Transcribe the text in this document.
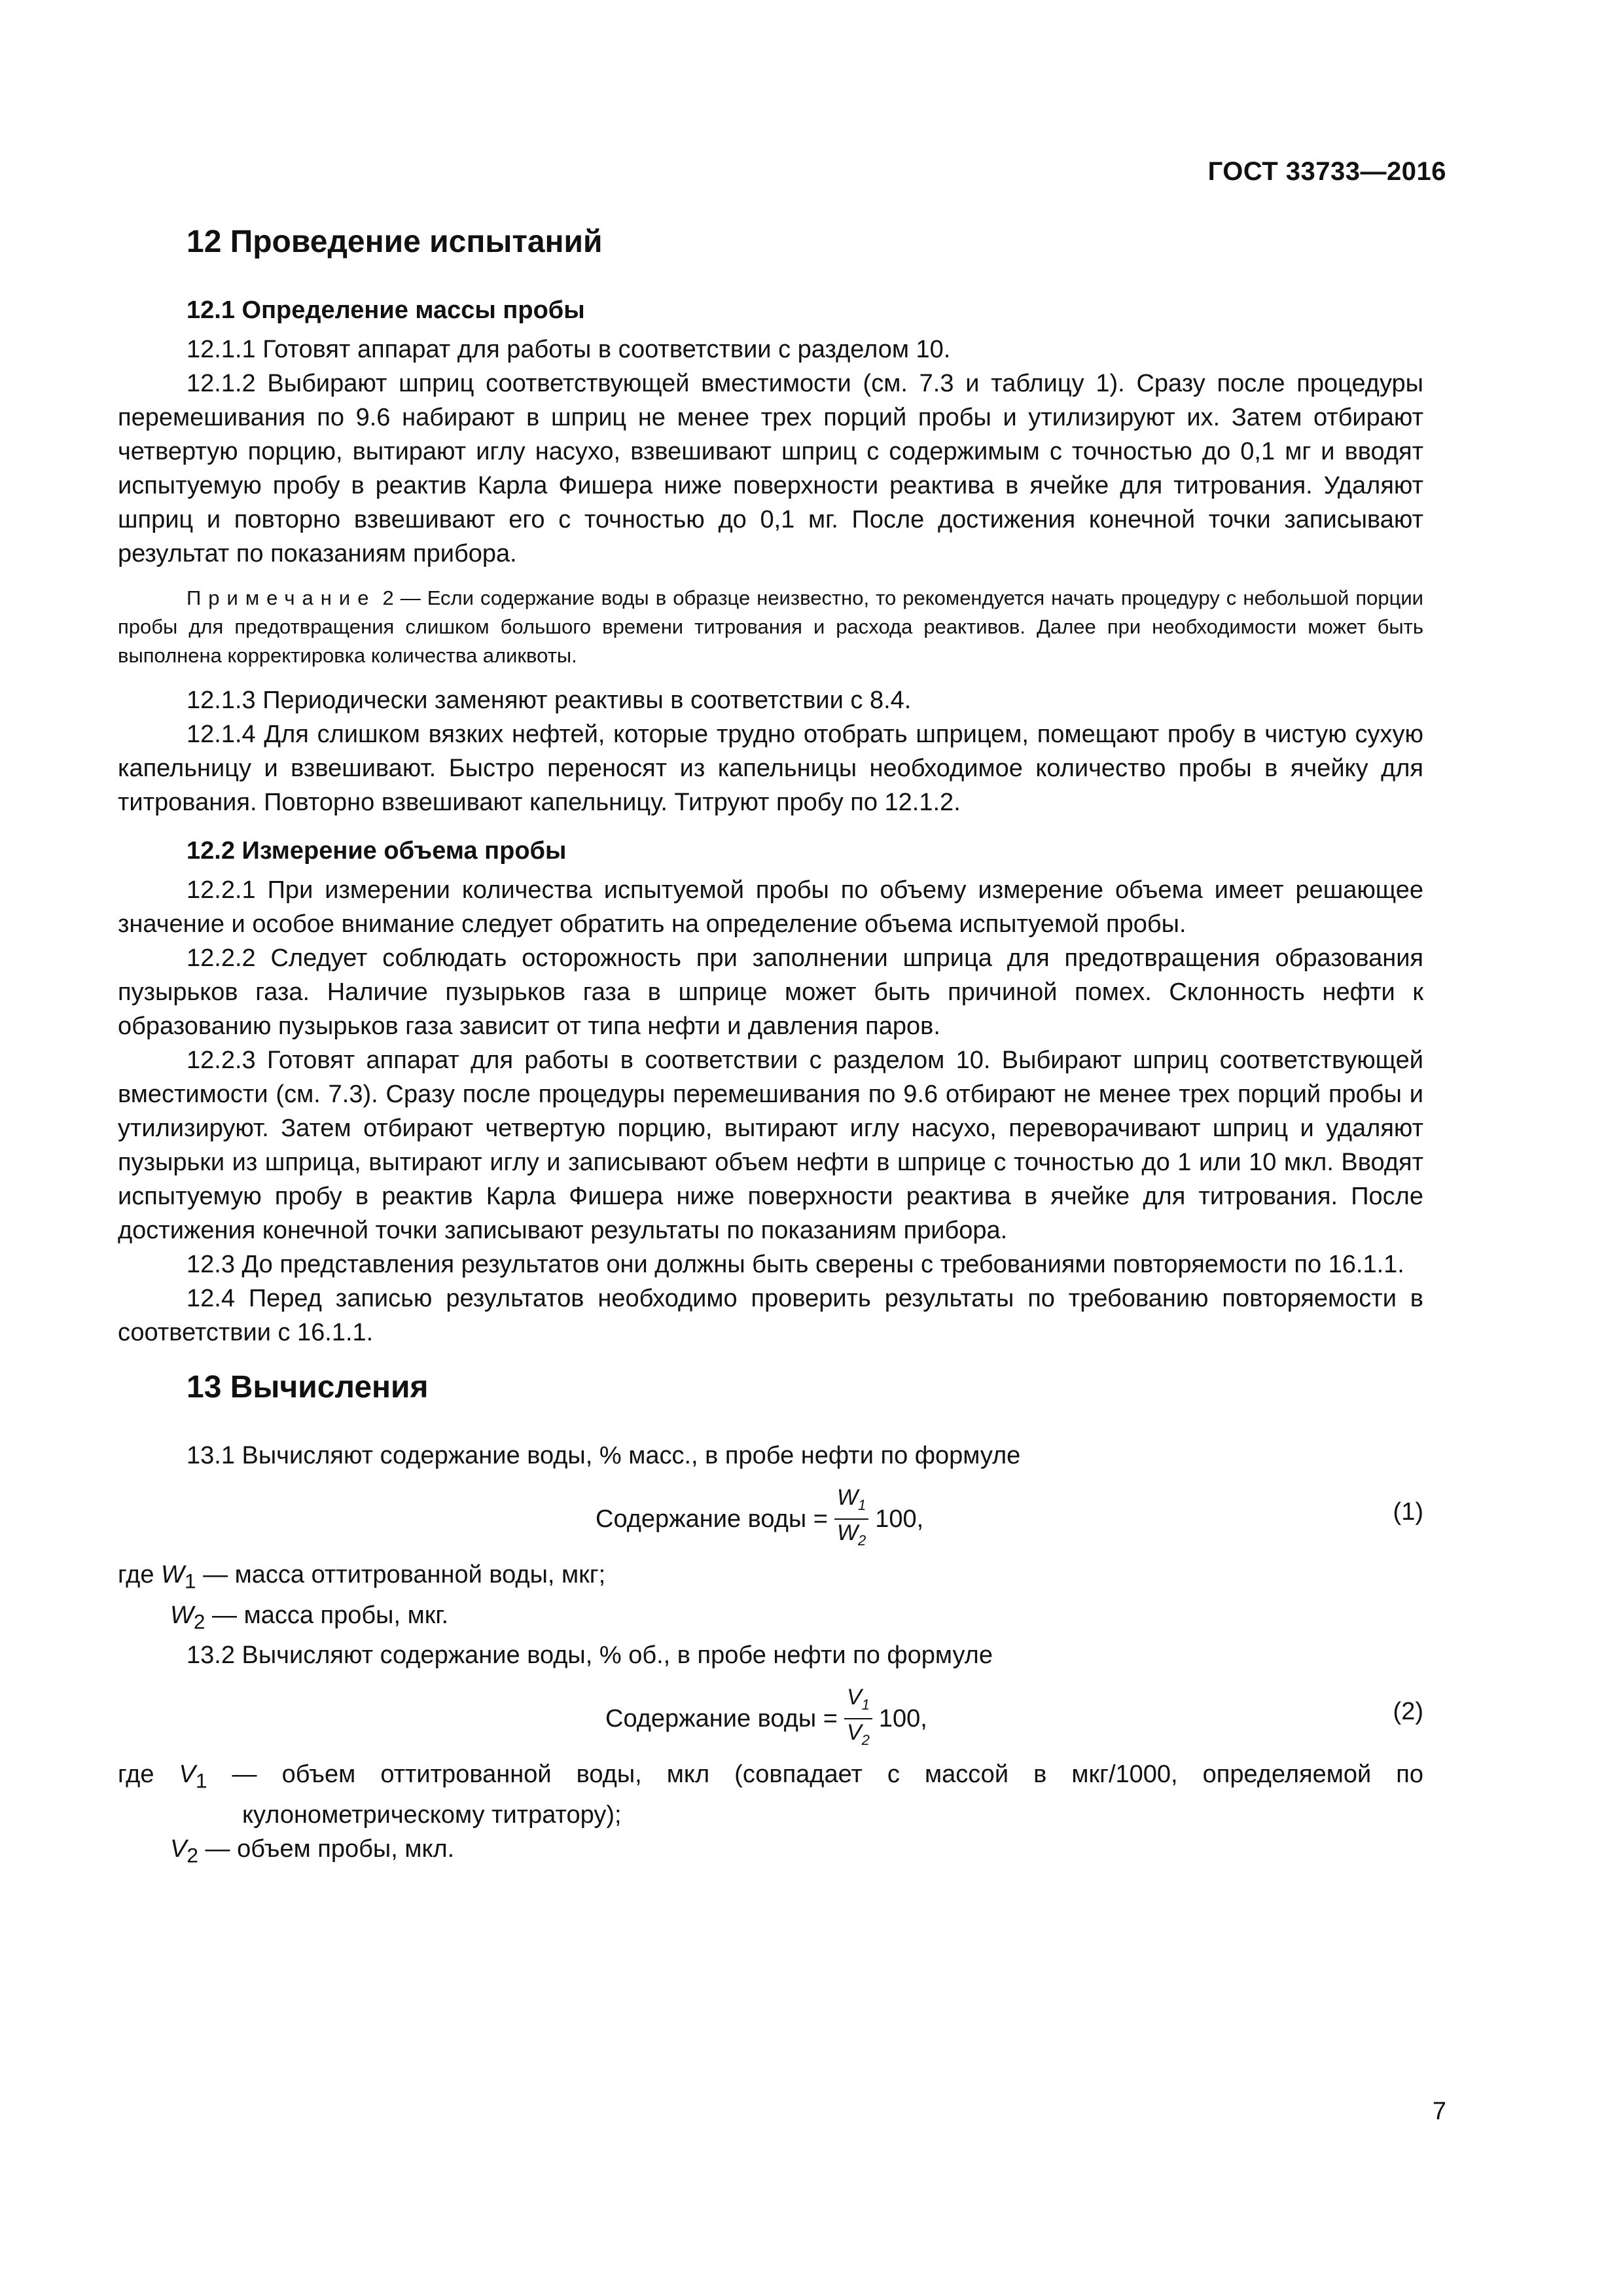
ГОСТ 33733—2016
12 Проведение испытаний
12.1 Определение массы пробы

12.1.1 Готовят аппарат для работы в соответствии с разделом 10.

12.1.2 Выбирают шприц соответствующей вместимости (см. 7.3 и таблицу 1). Сразу после процедуры перемешивания по 9.6 набирают в шприц не менее трех порций пробы и утилизируют их. Затем отбирают четвертую порцию, вытирают иглу насухо, взвешивают шприц с содержимым с точностью до 0,1 мг и вводят испытуемую пробу в реактив Карла Фишера ниже поверхности реактива в ячейке для титрования. Удаляют шприц и повторно взвешивают его с точностью до 0,1 мг. После достижения конечной точки записывают результат по показаниям прибора.

Примечание 2 — Если содержание воды в образце неизвестно, то рекомендуется начать процедуру с небольшой порции пробы для предотвращения слишком большого времени титрования и расхода реактивов. Далее при необходимости может быть выполнена корректировка количества аликвоты.

12.1.3 Периодически заменяют реактивы в соответствии с 8.4.

12.1.4 Для слишком вязких нефтей, которые трудно отобрать шприцем, помещают пробу в чистую сухую капельницу и взвешивают. Быстро переносят из капельницы необходимое количество пробы в ячейку для титрования. Повторно взвешивают капельницу. Титруют пробу по 12.1.2.

12.2 Измерение объема пробы

12.2.1 При измерении количества испытуемой пробы по объему измерение объема имеет решающее значение и особое внимание следует обратить на определение объема испытуемой пробы.

12.2.2 Следует соблюдать осторожность при заполнении шприца для предотвращения образования пузырьков газа. Наличие пузырьков газа в шприце может быть причиной помех. Склонность нефти к образованию пузырьков газа зависит от типа нефти и давления паров.

12.2.3 Готовят аппарат для работы в соответствии с разделом 10. Выбирают шприц соответствующей вместимости (см. 7.3). Сразу после процедуры перемешивания по 9.6 отбирают не менее трех порций пробы и утилизируют. Затем отбирают четвертую порцию, вытирают иглу насухо, переворачивают шприц и удаляют пузырьки из шприца, вытирают иглу и записывают объем нефти в шприце с точностью до 1 или 10 мкл. Вводят испытуемую пробу в реактив Карла Фишера ниже поверхности реактива в ячейке для титрования. После достижения конечной точки записывают результаты по показаниям прибора.

12.3 До представления результатов они должны быть сверены с требованиями повторяемости по 16.1.1.

12.4 Перед записью результатов необходимо проверить результаты по требованию повторяемости в соответствии с 16.1.1.

13 Вычисления

13.1 Вычисляют содержание воды, % масс., в пробе нефти по формуле

Содержание воды = $\frac{W_1}{W_2} 100$,	(1)

где $W_1$ — масса оттитрованной воды, мкг;

$W_2$ — масса пробы, мкг.

13.2 Вычисляют содержание воды, % об., в пробе нефти по формуле

Содержание воды = $\frac{V_1}{V_2} 100$,	(2)

где $V_1$ — объем оттитрованной воды, мкл (совпадает с массой в мкг/1000, определяемой по кулонометрическому титратору);

$V_2$ — объем пробы, мкл.

7
